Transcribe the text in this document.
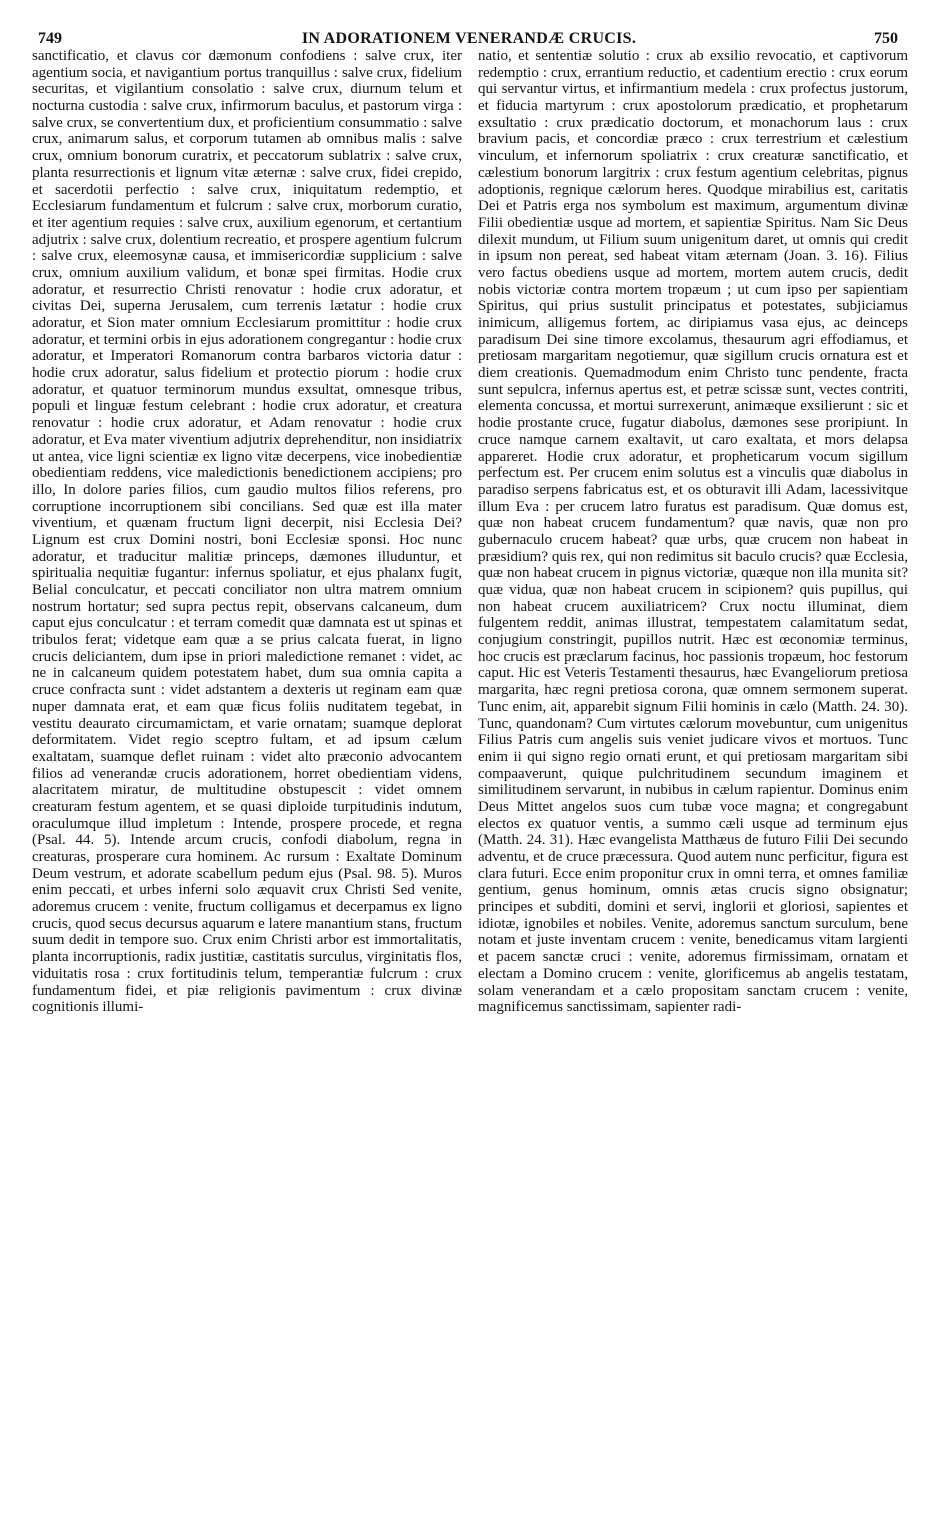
749	IN ADORATIONEM VENERANDÆ CRUCIS.	750

sanctificatio, et clavus cor dæmonum confodiens : salve crux, iter agentium socia, et navigantium portus tranquillus : salve crux, fidelium securitas, et vigilantium consolatio : salve crux, diurnum telum et nocturna custodia : salve crux, infirmorum baculus, et pastorum virga : salve crux, se convertentium dux, et proficientium consummatio : salve crux, animarum salus, et corporum tutamen ab omnibus malis : salve crux, omnium bonorum curatrix, et peccatorum sublatrix : salve crux, planta resurrectionis et lignum vitæ æternæ : salve crux, fidei crepido, et sacerdotii perfectio : salve crux, iniquitatum redemptio, et Ecclesiarum fundamentum et fulcrum : salve crux, morborum curatio, et iter agentium requies : salve crux, auxilium egenorum, et certantium adjutrix : salve crux, dolentium recreatio, et prospere agentium fulcrum : salve crux, eleemosynæ causa, et immisericordiæ supplicium : salve crux, omnium auxilium validum, et bonæ spei firmitas. Hodie crux adoratur, et resurrectio Christi renovatur : hodie crux adoratur, et civitas Dei, superna Jerusalem, cum terrenis lætatur : hodie crux adoratur, et Sion mater omnium Ecclesiarum promittitur : hodie crux adoratur, et termini orbis in ejus adorationem congregantur : hodie crux adoratur, et Imperatori Romanorum contra barbaros victoria datur : hodie crux adoratur, salus fidelium et protectio piorum : hodie crux adoratur, et quatuor terminorum mundus exsultat, omnesque tribus, populi et linguæ festum celebrant : hodie crux adoratur, et creatura renovatur : hodie crux adoratur, et Adam renovatur : hodie crux adoratur, et Eva mater viventium adjutrix deprehenditur, non insidiatrix ut antea, vice ligni scientiæ ex ligno vitæ decerpens, vice inobedientiæ obedientiam reddens, vice maledictionis benedictionem accipiens; pro illo, In dolore paries filios, cum gaudio multos filios referens, pro corruptione incorruptionem sibi concilians. Sed quæ est illa mater viventium, et quænam fructum ligni decerpit, nisi Ecclesia Dei? Lignum est crux Domini nostri, boni Ecclesiæ sponsi. Hoc nunc adoratur, et traducitur malitiæ princeps, dæmones illuduntur, et spiritualia nequitiæ fugantur: infernus spoliatur, et ejus phalanx fugit, Belial conculcatur, et peccati conciliator non ultra matrem omnium nostrum hortatur; sed supra pectus repit, observans calcaneum, dum caput ejus conculcatur : et terram comedit quæ damnata est ut spinas et tribulos ferat; videtque eam quæ a se prius calcata fuerat, in ligno crucis deliciantem, dum ipse in priori maledictione remanet : videt, ac ne in calcaneum quidem potestatem habet, dum sua omnia capita a cruce confracta sunt : videt adstantem a dexteris ut reginam eam quæ nuper damnata erat, et eam quæ ficus foliis nuditatem tegebat, in vestitu deaurato circumamictam, et varie ornatam; suamque deplorat deformitatem. Videt regio sceptro fultam, et ad ipsum cælum exaltatam, suamque deflet ruinam : videt alto præconio advocantem filios ad venerandæ crucis adorationem, horret obedientiam videns, alacritatem miratur, de multitudine obstupescit : videt omnem creaturam festum agentem, et se quasi diploide turpitudinis indutum, oraculumque illud impletum : Intende, prospere procede, et regna (Psal. 44. 5). Intende arcum crucis, confodi diabolum, regna in creaturas, prosperare cura hominem. Ac rursum : Exaltate Dominum Deum vestrum, et adorate scabellum pedum ejus (Psal. 98. 5). Muros enim peccati, et urbes inferni solo æquavit crux Christi Sed venite, adoremus crucem : venite, fructum colligamus et decerpamus ex ligno crucis, quod secus decursus aquarum e latere manantium stans, fructum suum dedit in tempore suo. Crux enim Christi arbor est immortalitatis, planta incorruptionis, radix justitiæ, castitatis surculus, virginitatis flos, viduitatis rosa : crux fortitudinis telum, temperantiæ fulcrum : crux fundamentum fidei, et piæ religionis pavimentum : crux divinæ cognitionis illumi-

natio, et sententiæ solutio : crux ab exsilio revocatio, et captivorum redemptio : crux, errantium reductio, et cadentium erectio : crux eorum qui servantur virtus, et infirmantium medela : crux profectus justorum, et fiducia martyrum : crux apostolorum prædicatio, et prophetarum exsultatio : crux prædicatio doctorum, et monachorum laus : crux bravium pacis, et concordiæ præco : crux terrestrium et cælestium vinculum, et infernorum spoliatrix : crux creaturæ sanctificatio, et cælestium bonorum largitrix : crux festum agentium celebritas, pignus adoptionis, regnique cælorum heres. Quodque mirabilius est, caritatis Dei et Patris erga nos symbolum est maximum, argumentum divinæ Filii obedientiæ usque ad mortem, et sapientiæ Spiritus. Nam Sic Deus dilexit mundum, ut Filium suum unigenitum daret, ut omnis qui credit in ipsum non pereat, sed habeat vitam æternam (Joan. 3. 16). Filius vero factus obediens usque ad mortem, mortem autem crucis, dedit nobis victoriæ contra mortem tropæum ; ut cum ipso per sapientiam Spiritus, qui prius sustulit principatus et potestates, subjiciamus inimicum, alligemus fortem, ac diripiamus vasa ejus, ac deinceps paradisum Dei sine timore excolamus, thesaurum agri effodiamus, et pretiosam margaritam negotiemur, quæ sigillum crucis ornatura est et diem creationis. Quemadmodum enim Christo tunc pendente, fracta sunt sepulcra, infernus apertus est, et petræ scissæ sunt, vectes contriti, elementa concussa, et mortui surrexerunt, animæque exsilierunt : sic et hodie prostante cruce, fugatur diabolus, dæmones sese proripiunt. In cruce namque carnem exaltavit, ut caro exaltata, et mors delapsa appareret. Hodie crux adoratur, et propheticarum vocum sigillum perfectum est. Per crucem enim solutus est a vinculis quæ diabolus in paradiso serpens fabricatus est, et os obturavit illi Adam, lacessivitque illum Eva : per crucem latro furatus est paradisum. Quæ domus est, quæ non habeat crucem fundamentum? quæ navis, quæ non pro gubernaculo crucem habeat? quæ urbs, quæ crucem non habeat in præsidium? quis rex, qui non redimitus sit baculo crucis? quæ Ecclesia, quæ non habeat crucem in pignus victoriæ, quæque non illa munita sit? quæ vidua, quæ non habeat crucem in scipionem? quis pupillus, qui non habeat crucem auxiliatricem? Crux noctu illuminat, diem fulgentem reddit, animas illustrat, tempestatem calamitatum sedat, conjugium constringit, pupillos nutrit. Hæc est œconomiæ terminus, hoc crucis est præclarum facinus, hoc passionis tropæum, hoc festorum caput. Hic est Veteris Testamenti thesaurus, hæc Evangeliorum pretiosa margarita, hæc regni pretiosa corona, quæ omnem sermonem superat. Tunc enim, ait, apparebit signum Filii hominis in cælo (Matth. 24. 30). Tunc, quandonam? Cum virtutes cælorum movebuntur, cum unigenitus Filius Patris cum angelis suis veniet judicare vivos et mortuos. Tunc enim ii qui signo regio ornati erunt, et qui pretiosam margaritam sibi compaaverunt, quique pulchritudinem secundum imaginem et similitudinem servarunt, in nubibus in cælum rapientur. Dominus enim Deus Mittet angelos suos cum tubæ voce magna; et congregabunt electos ex quatuor ventis, a summo cæli usque ad terminum ejus (Matth. 24. 31). Hæc evangelista Matthæus de futuro Filii Dei secundo adventu, et de cruce præcessura. Quod autem nunc perficitur, figura est clara futuri. Ecce enim proponitur crux in omni terra, et omnes familiæ gentium, genus hominum, omnis ætas crucis signo obsignatur; principes et subditi, domini et servi, inglorii et gloriosi, sapientes et idiotæ, ignobiles et nobiles. Venite, adoremus sanctum surculum, bene notam et juste inventam crucem : venite, benedicamus vitam largienti et pacem sanctæ cruci : venite, adoremus firmissimam, ornatam et electam a Domino crucem : venite, glorificemus ab angelis testatam, solam venerandam et a cælo propositam sanctam crucem : venite, magnificemus sanctissimam, sapienter radi-
